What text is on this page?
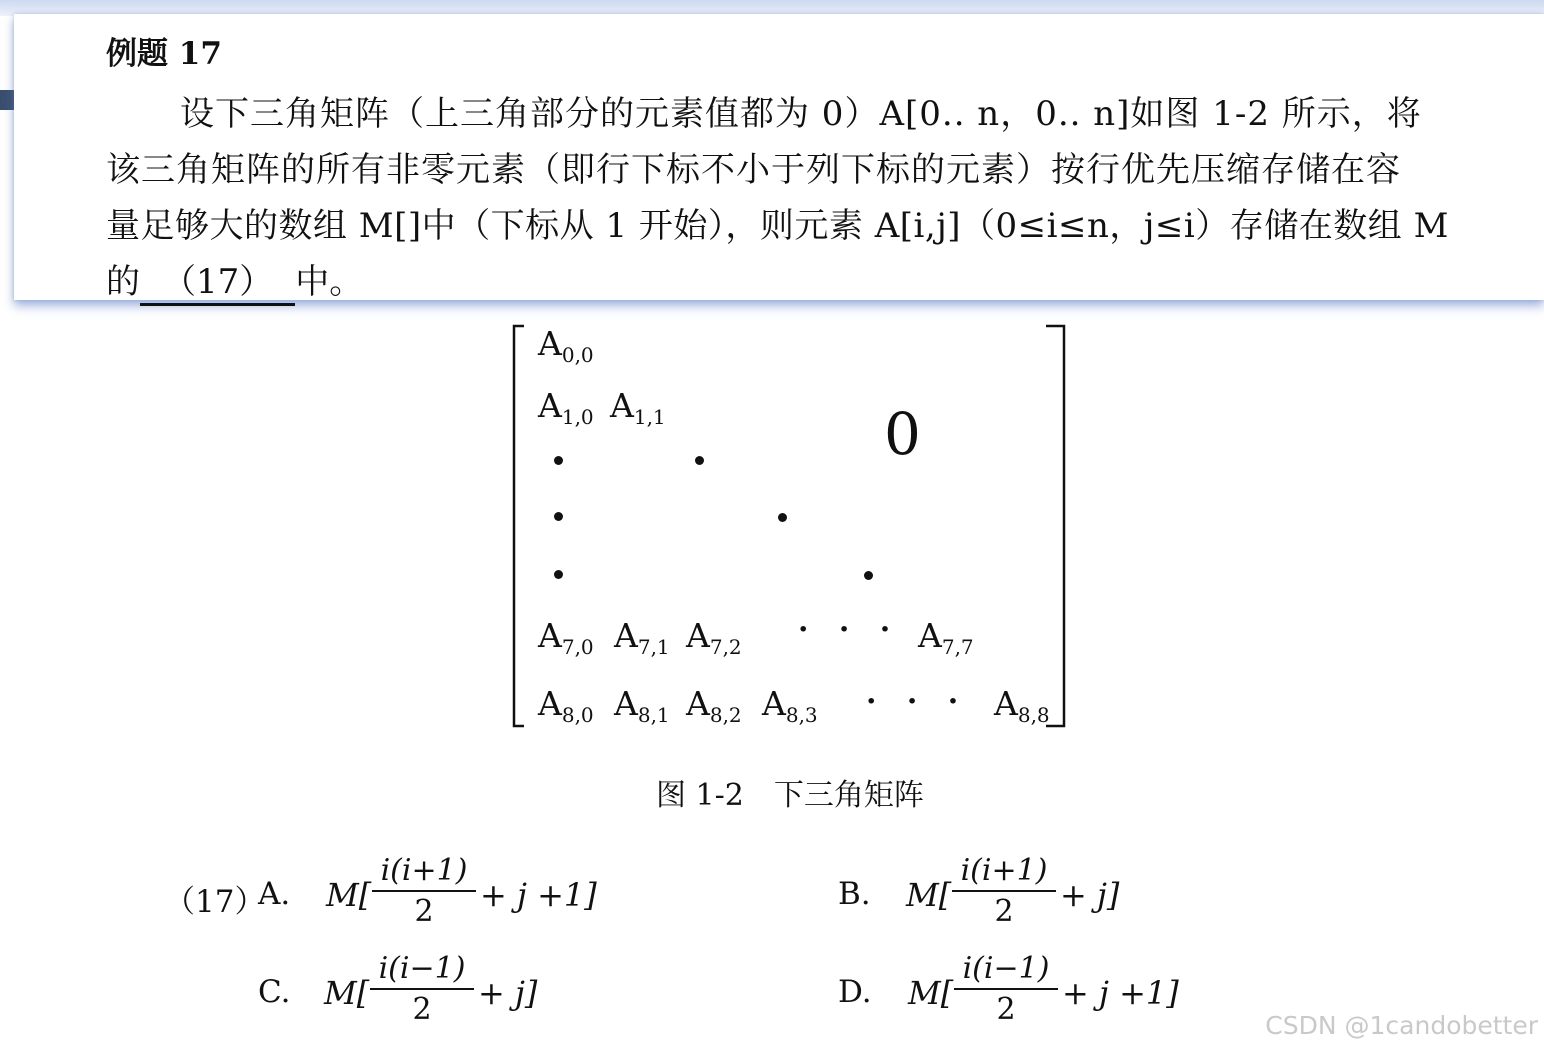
例题 17
设下三角矩阵（上三角部分的元素值都为 0）A[0.. n，0.. n]如图 1-2 所示，将
该三角矩阵的所有非零元素（即行下标不小于列下标的元素）按行优先压缩存储在容
量足够大的数组 M[]中（下标从 1 开始），则元素 A[i,j]（0≤i≤n，j≤i）存储在数组 M
的 （17） 中。
$A_{0,0}$
$A_{1,0}$ $A_{1,1}$	0
$A_{7,0}$ $A_{7,1}$ $A_{7,2}$ · · · $A_{7,7}$
$A_{8,0}$ $A_{8,1}$ $A_{8,2}$ $A_{8,3}$ · · · $A_{8,8}$
图 1-2　下三角矩阵
（17）
A. $M[ \frac{i(i+1)}{2} + j +1]$	B. $M[ \frac{i(i+1)}{2} + j]$
C. $M[ \frac{i(i-1)}{2} + j]$	D. $M[ \frac{i(i-1)}{2} + j +1]$
CSDN @1candobetter
